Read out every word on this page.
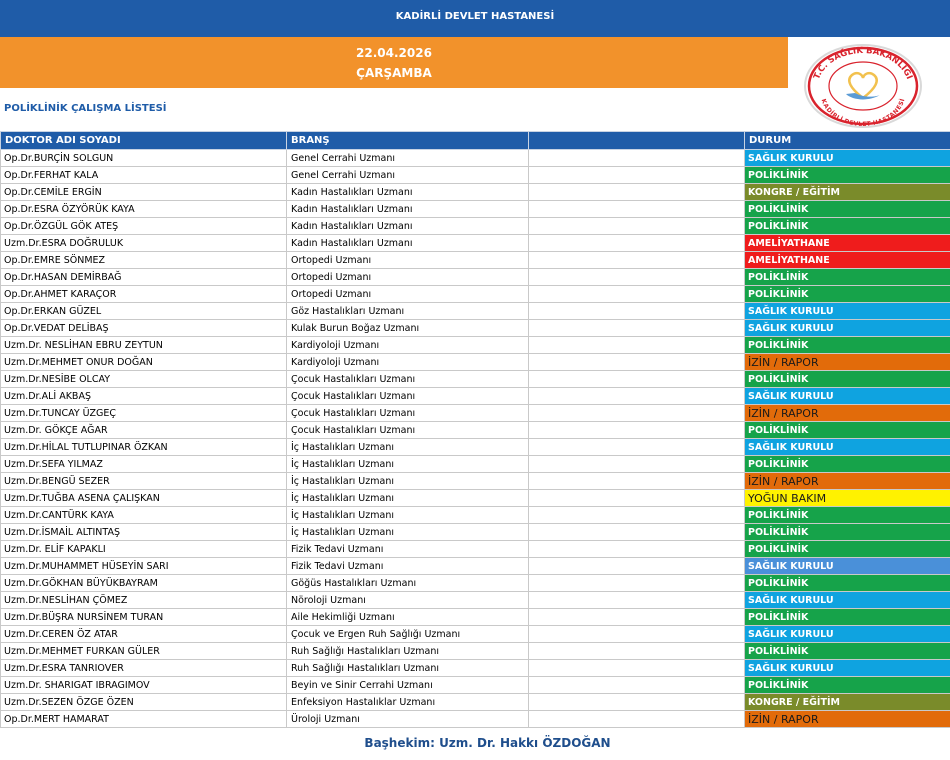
KADİRLİ DEVLET HASTANESİ
22.04.2026
ÇARŞAMBA	T.C. SAĞLIK BAKANLIĞI
KADİRLİ DEVLET HASTANESİ
POLİKLİNİK ÇALIŞMA LİSTESİ
DOKTOR ADI SOYADI	BRANŞ		DURUM
Op.Dr.BURÇİN SOLGUN	Genel Cerrahi Uzmanı		SAĞLIK KURULU
Op.Dr.FERHAT KALA	Genel Cerrahi Uzmanı		POLİKLİNİK
Op.Dr.CEMİLE ERGİN	Kadın Hastalıkları Uzmanı		KONGRE / EĞİTİM
Op.Dr.ESRA ÖZYÖRÜK KAYA	Kadın Hastalıkları Uzmanı		POLİKLİNİK
Op.Dr.ÖZGÜL GÖK ATEŞ	Kadın Hastalıkları Uzmanı		POLİKLİNİK
Uzm.Dr.ESRA DOĞRULUK	Kadın Hastalıkları Uzmanı		AMELİYATHANE
Op.Dr.EMRE SÖNMEZ	Ortopedi Uzmanı		AMELİYATHANE
Op.Dr.HASAN DEMİRBAĞ	Ortopedi Uzmanı		POLİKLİNİK
Op.Dr.AHMET KARAÇOR	Ortopedi Uzmanı		POLİKLİNİK
Op.Dr.ERKAN GÜZEL	Göz Hastalıkları Uzmanı		SAĞLIK KURULU
Op.Dr.VEDAT DELİBAŞ	Kulak Burun Boğaz Uzmanı		SAĞLIK KURULU
Uzm.Dr. NESLİHAN EBRU ZEYTUN	Kardiyoloji Uzmanı		POLİKLİNİK
Uzm.Dr.MEHMET ONUR DOĞAN	Kardiyoloji Uzmanı		İZİN / RAPOR
Uzm.Dr.NESİBE OLCAY	Çocuk Hastalıkları Uzmanı		POLİKLİNİK
Uzm.Dr.ALİ AKBAŞ	Çocuk Hastalıkları Uzmanı		SAĞLIK KURULU
Uzm.Dr.TUNCAY ÜZGEÇ	Çocuk Hastalıkları Uzmanı		İZİN / RAPOR
Uzm.Dr. GÖKÇE AĞAR	Çocuk Hastalıkları Uzmanı		POLİKLİNİK
Uzm.Dr.HİLAL TUTLUPINAR ÖZKAN	İç Hastalıkları Uzmanı		SAĞLIK KURULU
Uzm.Dr.SEFA YILMAZ	İç Hastalıkları Uzmanı		POLİKLİNİK
Uzm.Dr.BENGÜ SEZER	İç Hastalıkları Uzmanı		İZİN / RAPOR
Uzm.Dr.TUĞBA ASENA ÇALIŞKAN	İç Hastalıkları Uzmanı		YOĞUN BAKIM
Uzm.Dr.CANTÜRK KAYA	İç Hastalıkları Uzmanı		POLİKLİNİK
Uzm.Dr.İSMAİL ALTINTAŞ	İç Hastalıkları Uzmanı		POLİKLİNİK
Uzm.Dr. ELİF KAPAKLI	Fizik Tedavi Uzmanı		POLİKLİNİK
Uzm.Dr.MUHAMMET HÜSEYİN SARI	Fizik Tedavi Uzmanı		SAĞLIK KURULU
Uzm.Dr.GÖKHAN BÜYÜKBAYRAM	Göğüs Hastalıkları Uzmanı		POLİKLİNİK
Uzm.Dr.NESLİHAN ÇÖMEZ	Nöroloji Uzmanı		SAĞLIK KURULU
Uzm.Dr.BÜŞRA NURSİNEM TURAN	Aile Hekimliği Uzmanı		POLİKLİNİK
Uzm.Dr.CEREN ÖZ ATAR	Çocuk ve Ergen Ruh Sağlığı Uzmanı		SAĞLIK KURULU
Uzm.Dr.MEHMET FURKAN GÜLER	Ruh Sağlığı Hastalıkları Uzmanı		POLİKLİNİK
Uzm.Dr.ESRA TANRIOVER	Ruh Sağlığı Hastalıkları Uzmanı		SAĞLIK KURULU
Uzm.Dr. SHARIGAT IBRAGIMOV	Beyin ve Sinir Cerrahi Uzmanı		POLİKLİNİK
Uzm.Dr.SEZEN ÖZGE ÖZEN	Enfeksiyon Hastalıklar Uzmanı		KONGRE / EĞİTİM
Op.Dr.MERT HAMARAT	Üroloji Uzmanı		İZİN / RAPOR
Başhekim: Uzm. Dr. Hakkı ÖZDOĞAN
